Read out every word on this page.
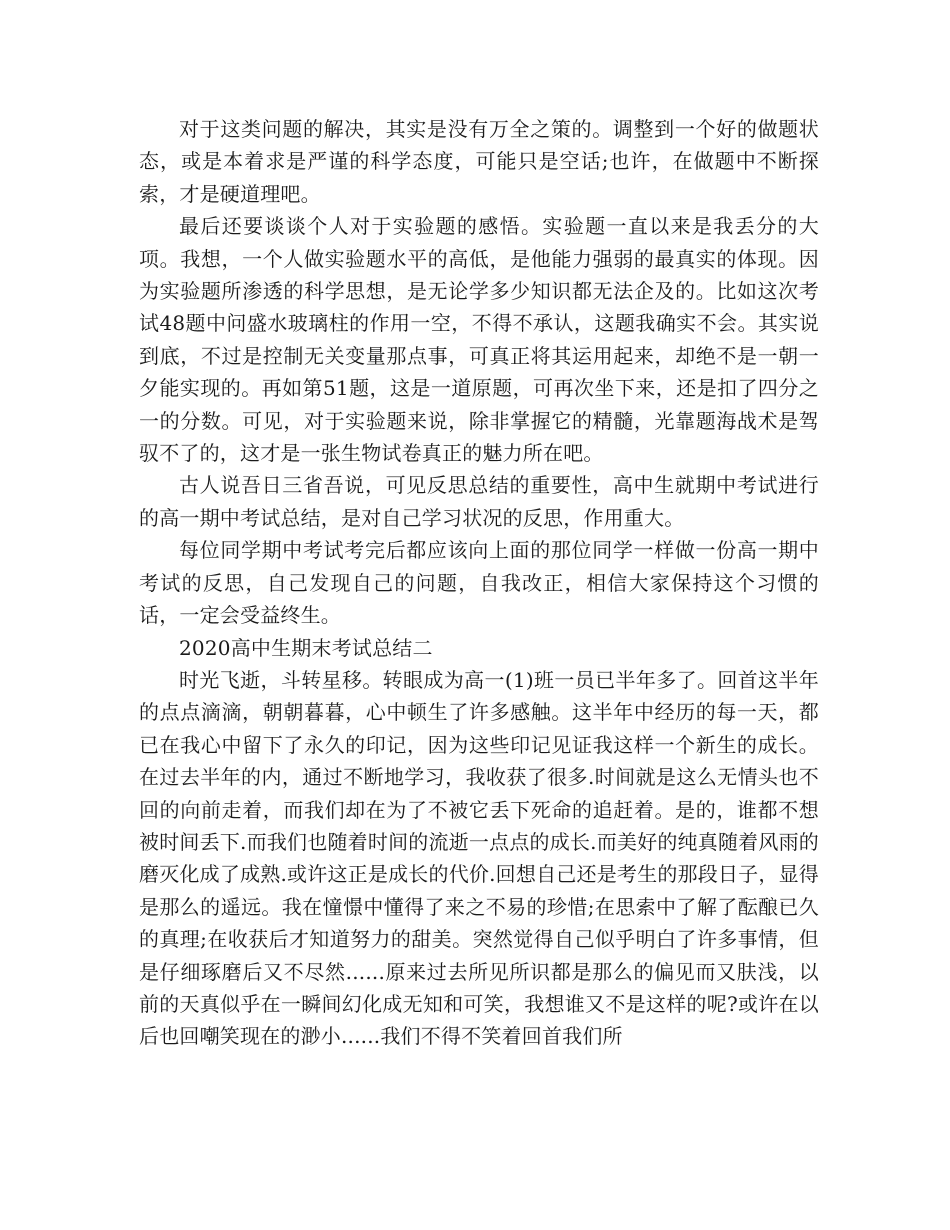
对于这类问题的解决，其实是没有万全之策的。调整到一个好的做题状态，或是本着求是严谨的科学态度，可能只是空话;也许，在做题中不断探索，才是硬道理吧。

最后还要谈谈个人对于实验题的感悟。实验题一直以来是我丢分的大项。我想，一个人做实验题水平的高低，是他能力强弱的最真实的体现。因为实验题所渗透的科学思想，是无论学多少知识都无法企及的。比如这次考试48题中问盛水玻璃柱的作用一空，不得不承认，这题我确实不会。其实说到底，不过是控制无关变量那点事，可真正将其运用起来，却绝不是一朝一夕能实现的。再如第51题，这是一道原题，可再次坐下来，还是扣了四分之一的分数。可见，对于实验题来说，除非掌握它的精髓，光靠题海战术是驾驭不了的，这才是一张生物试卷真正的魅力所在吧。

古人说吾日三省吾说，可见反思总结的重要性，高中生就期中考试进行的高一期中考试总结，是对自己学习状况的反思，作用重大。

每位同学期中考试考完后都应该向上面的那位同学一样做一份高一期中考试的反思，自己发现自己的问题，自我改正，相信大家保持这个习惯的话，一定会受益终生。

2020高中生期末考试总结二

时光飞逝，斗转星移。转眼成为高一(1)班一员已半年多了。回首这半年的点点滴滴，朝朝暮暮，心中顿生了许多感触。这半年中经历的每一天，都已在我心中留下了永久的印记，因为这些印记见证我这样一个新生的成长。在过去半年的内，通过不断地学习，我收获了很多.时间就是这么无情头也不回的向前走着，而我们却在为了不被它丢下死命的追赶着。是的，谁都不想被时间丢下.而我们也随着时间的流逝一点点的成长.而美好的纯真随着风雨的磨灭化成了成熟.或许这正是成长的代价.回想自己还是考生的那段日子，显得是那么的遥远。我在憧憬中懂得了来之不易的珍惜;在思索中了解了酝酿已久的真理;在收获后才知道努力的甜美。突然觉得自己似乎明白了许多事情，但是仔细琢磨后又不尽然......原来过去所见所识都是那么的偏见而又肤浅，以前的天真似乎在一瞬间幻化成无知和可笑，我想谁又不是这样的呢?或许在以后也回嘲笑现在的渺小......我们不得不笑着回首我们所
